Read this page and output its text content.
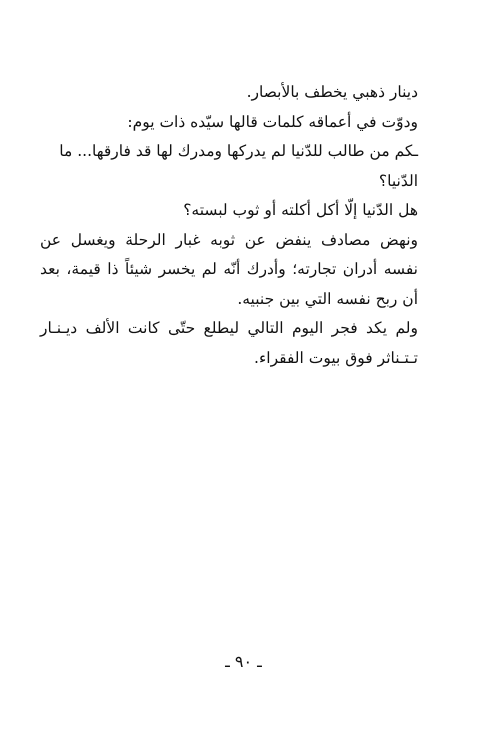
دينار ذهبي يخطف بالأبصار.

ودوّت في أعماقه كلمات قالها سيّده ذات يوم:

ـكم من طالب للدّنيا لم يدركها ومدرك لها قد فارقها... ما الدّنيا؟

هل الدّنيا إلّا أكل أكلته أو ثوب لبسته؟

ونهض مصادف ينفض عن ثوبه غبار الرحلة ويغسل عن نفسه أدران تجارته؛ وأدرك أنّه لم يخسر شيئاً ذا قيمة، بعد أن ربح نفسه التي بين جنبيه.

ولم يكد فجر اليوم التالي ليطلع حتّى كانت الألف ديـنـار تـتـناثر فوق بيوت الفقراء.

ـ ٩٠ ـ
